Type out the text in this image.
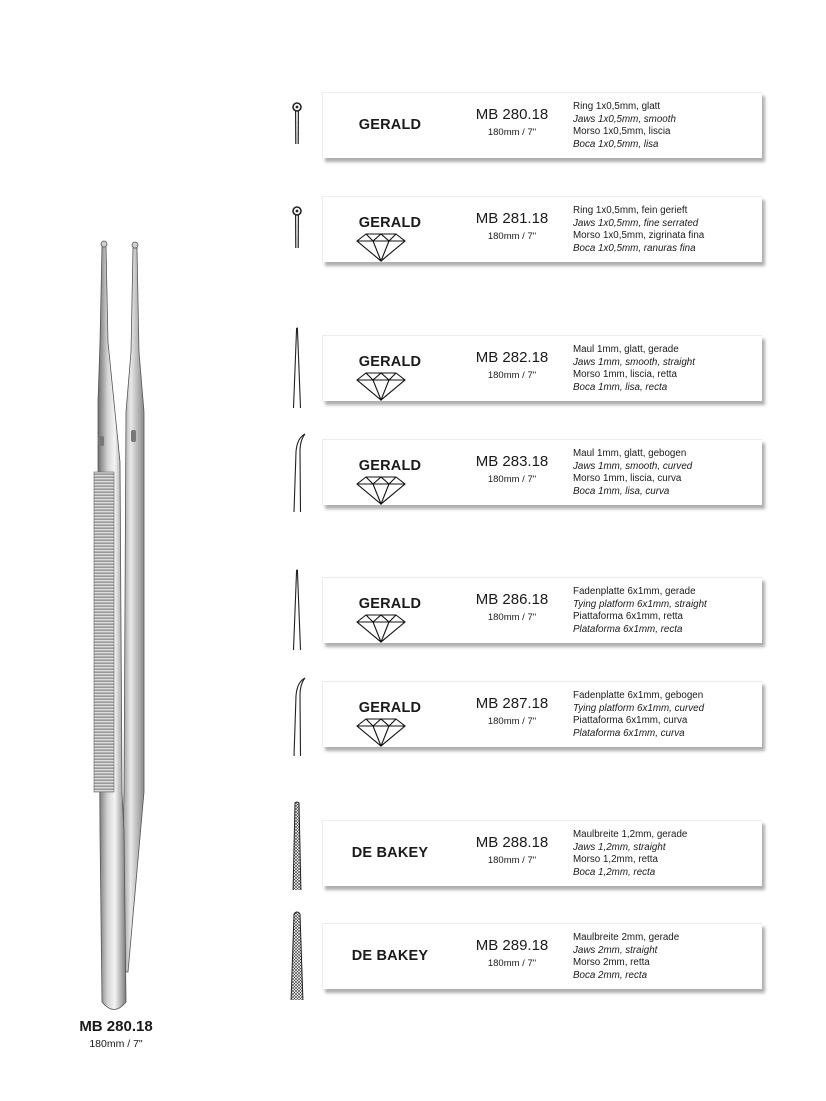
MB 280.18
180mm / 7"
GERALD
MB 280.18
180mm / 7"
Ring 1x0,5mm, glatt
Jaws 1x0,5mm, smooth
Morso 1x0,5mm, liscia
Boca 1x0,5mm, lisa
GERALD	MB 281.18
180mm / 7"
Ring 1x0,5mm, fein gerieft
Jaws 1x0,5mm, fine serrated
Morso 1x0,5mm, zigrinata fina
Boca 1x0,5mm, ranuras fina
GERALD	MB 282.18
180mm / 7"
Maul 1mm, glatt, gerade
Jaws 1mm, smooth, straight
Morso 1mm, liscia, retta
Boca 1mm, lisa, recta
GERALD	MB 283.18
180mm / 7"
Maul 1mm, glatt, gebogen
Jaws 1mm, smooth, curved
Morso 1mm, liscia, curva
Boca 1mm, lisa, curva
GERALD	MB 286.18
180mm / 7"
Fadenplatte 6x1mm, gerade
Tying platform 6x1mm, straight
Piattaforma 6x1mm, retta
Plataforma 6x1mm, recta
GERALD	MB 287.18
180mm / 7"
Fadenplatte 6x1mm, gebogen
Tying platform 6x1mm, curved
Piattaforma 6x1mm, curva
Plataforma 6x1mm, curva
DE BAKEY
MB 288.18
180mm / 7"
Maulbreite 1,2mm, gerade
Jaws 1,2mm, straight
Morso 1,2mm, retta
Boca 1,2mm, recta
DE BAKEY
MB 289.18
180mm / 7"
Maulbreite 2mm, gerade
Jaws 2mm, straight
Morso 2mm, retta
Boca 2mm, recta
